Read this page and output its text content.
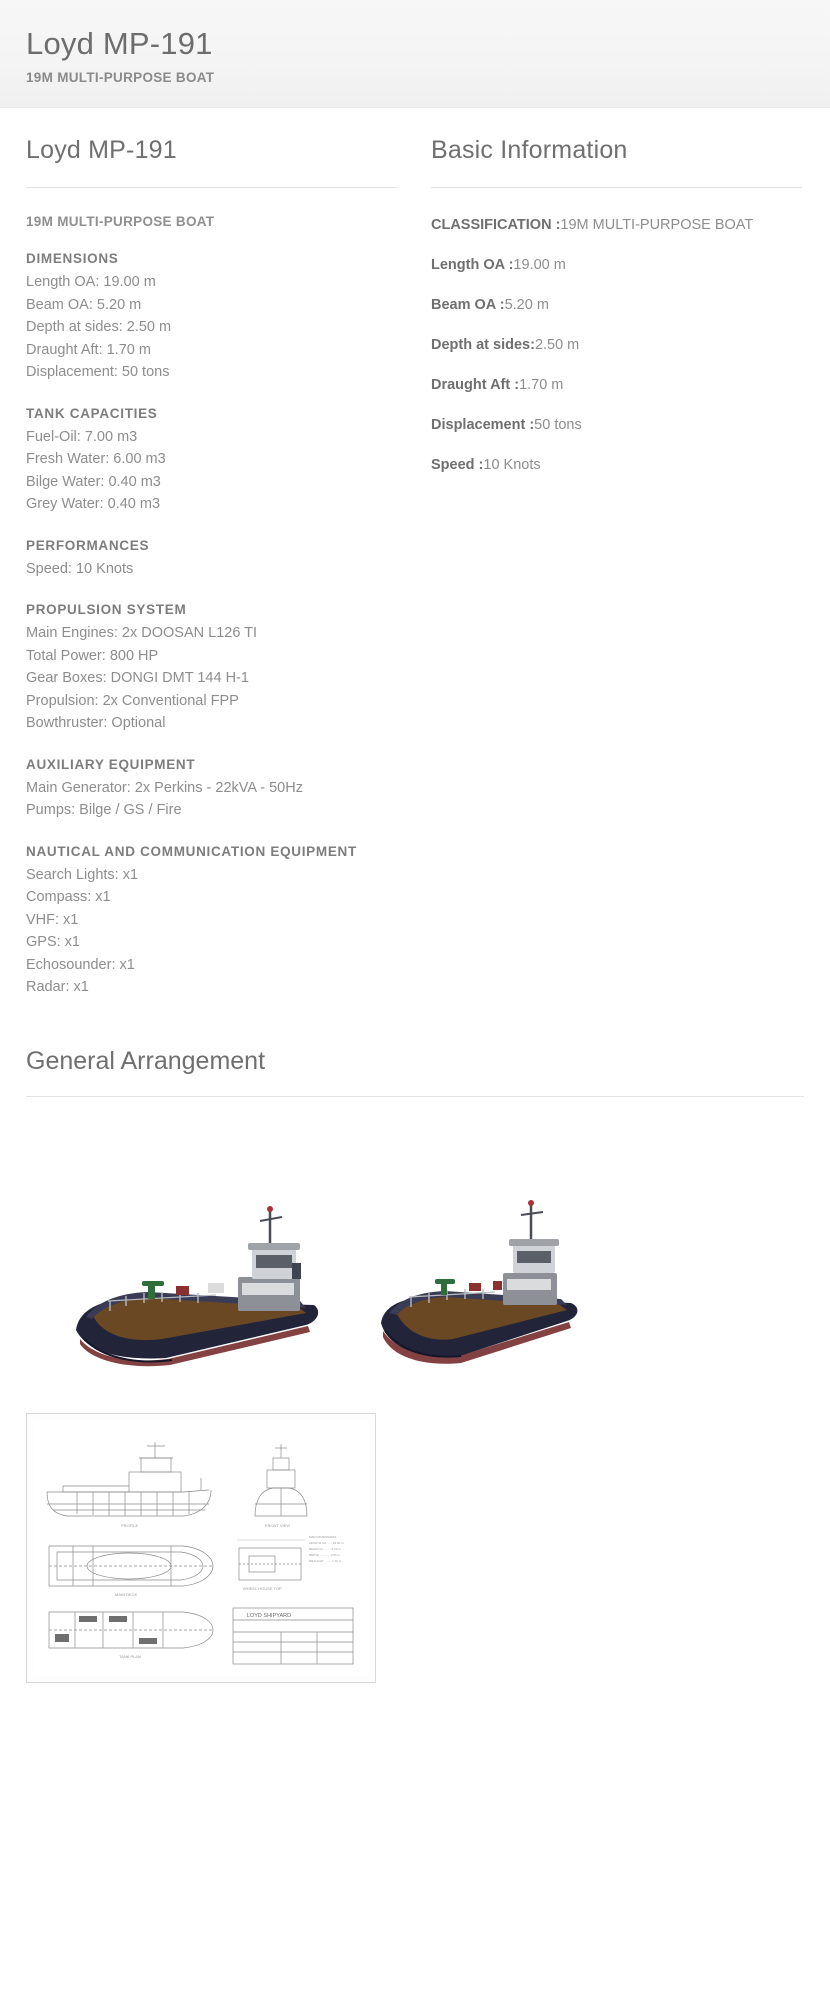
Loyd MP-191

19M MULTI-PURPOSE BOAT

Loyd MP-191

19M MULTI-PURPOSE BOAT

DIMENSIONS
Length OA: 19.00 m
Beam OA: 5.20 m
Depth at sides: 2.50 m
Draught Aft: 1.70 m
Displacement: 50 tons
TANK CAPACITIES
Fuel-Oil: 7.00 m3
Fresh Water: 6.00 m3
Bilge Water: 0.40 m3
Grey Water: 0.40 m3
PERFORMANCES
Speed: 10 Knots
PROPULSION SYSTEM
Main Engines: 2x DOOSAN L126 TI
Total Power: 800 HP
Gear Boxes: DONGI DMT 144 H-1
Propulsion: 2x Conventional FPP
Bowthruster: Optional
AUXILIARY EQUIPMENT
Main Generator: 2x Perkins - 22kVA - 50Hz
Pumps: Bilge / GS / Fire
NAUTICAL AND COMMUNICATION EQUIPMENT
Search Lights: x1
Compass: x1
VHF: x1
GPS: x1
Echosounder: x1
Radar: x1
Basic Information
CLASSIFICATION :19M MULTI-PURPOSE BOAT
Length OA :19.00 m
Beam OA :5.20 m
Depth at sides:2.50 m
Draught Aft :1.70 m
Displacement :50 tons
Speed :10 Knots
General Arrangement
PROFILE	FRONT VIEW
MAIN DECK
WHEEL HOUSE TOP
TANK PLAN
LOYD SHIPYARD
MAIN DIMENSIONS
LENGTH OA ...... 19.00 m
BEAM OA ......... 5.20 m
DEPTH ............ 2.50 m
DRAUGHT ........ 1.70 m
